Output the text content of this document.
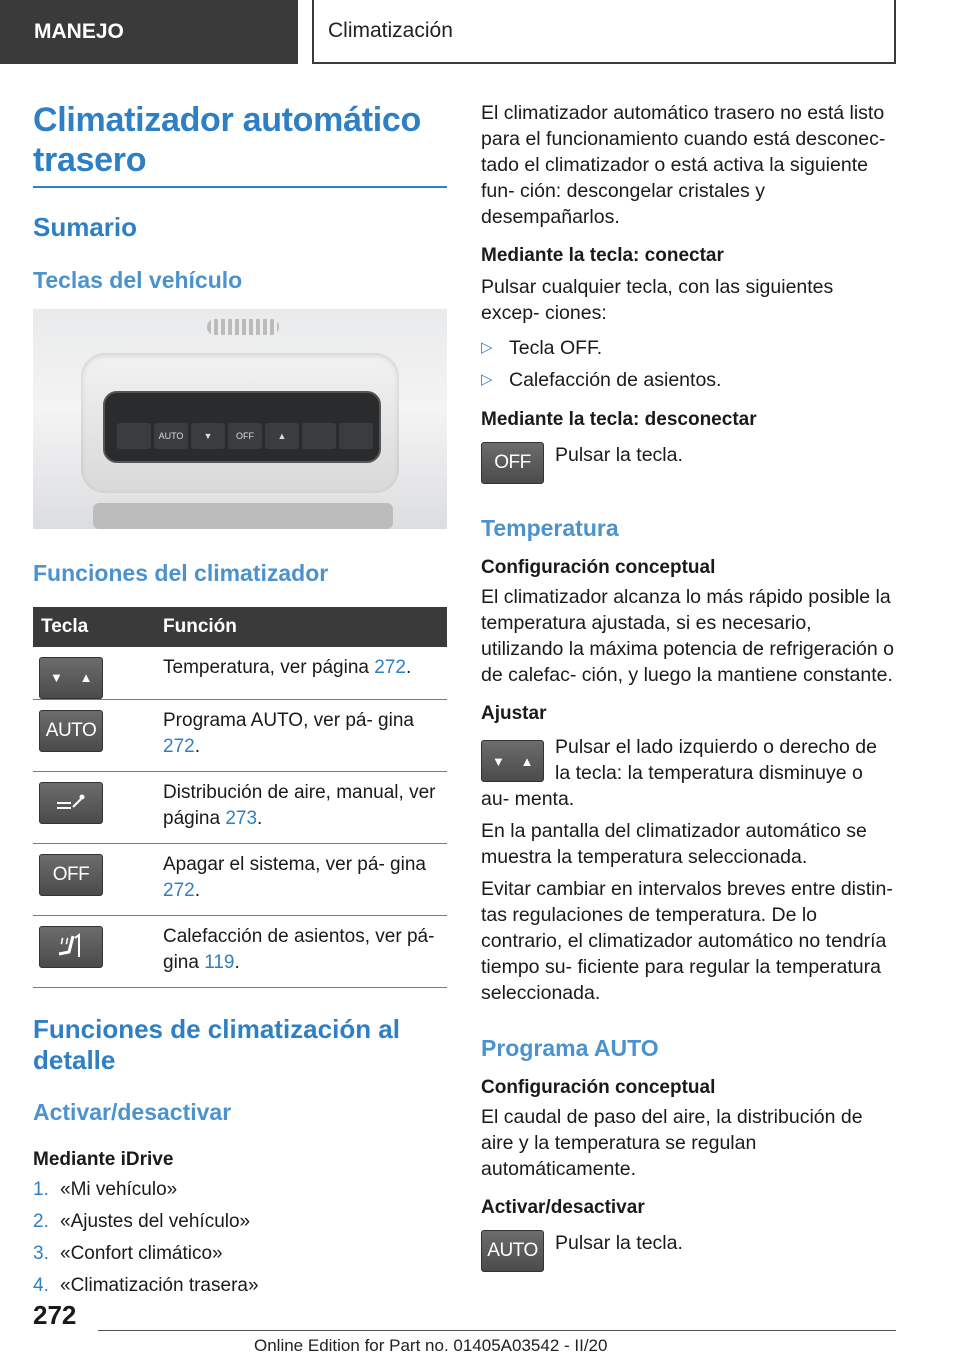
MANEJO	Climatización
Climatizador automático trasero
Sumario
Teclas del vehículo
AUTO	▼	OFF	▲
Funciones del climatizador
Tecla	Función

▼ ▲	Temperatura, ver página 272.
AUTO	Programa AUTO, ver pá‐ gina 272.

	Distribución de aire, manual, ver página 273.
OFF	Apagar el sistema, ver pá‐ gina 272.

	Calefacción de asientos, ver pá‐ gina 119.
Funciones de climatización al detalle
Activar/desactivar
Mediante iDrive
1. «Mi vehículo»
2. «Ajustes del vehículo»
3. «Confort climático»
4. «Climatización trasera»

El climatizador automático trasero no está listo para el funcionamiento cuando está desconec‐ tado el climatizador o está activa la siguiente fun‐ ción: descongelar cristales y desempañarlos.

Mediante la tecla: conectar

Pulsar cualquier tecla, con las siguientes excep‐ ciones:

▷ Tecla OFF.
▷ Calefacción de asientos.
Mediante la tecla: desconectar
OFF	Pulsar la tecla.

Temperatura
Configuración conceptual

El climatizador alcanza lo más rápido posible la temperatura ajustada, si es necesario, utilizando la máxima potencia de refrigeración o de calefac‐ ción, y luego la mantiene constante.

Ajustar
▼ ▲

Pulsar el lado izquierdo o derecho de la tecla: la temperatura disminuye o au‐ menta.

En la pantalla del climatizador automático se muestra la temperatura seleccionada.

Evitar cambiar en intervalos breves entre distin‐ tas regulaciones de temperatura. De lo contrario, el climatizador automático no tendría tiempo su‐ ficiente para regular la temperatura seleccionada.

Programa AUTO
Configuración conceptual

El caudal de paso del aire, la distribución de aire y la temperatura se regulan automáticamente.

Activar/desactivar
AUTO Pulsar la tecla.

272
Online Edition for Part no. 01405A03542 - II/20
